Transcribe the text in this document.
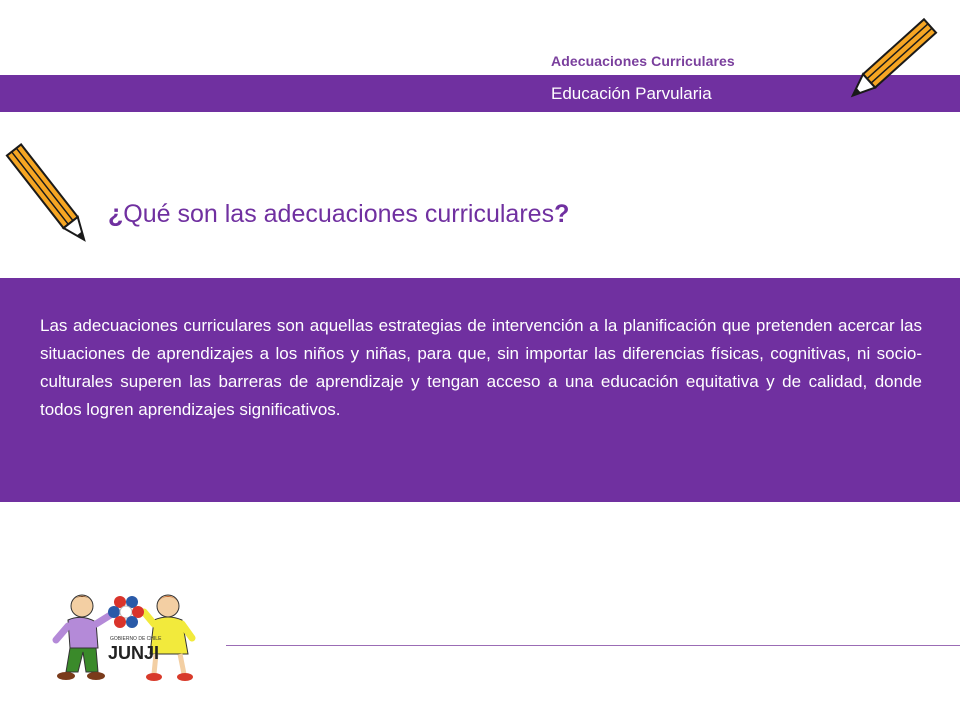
Adecuaciones Curriculares
Educación Parvularia
¿Qué son las adecuaciones curriculares?

Las adecuaciones curriculares son aquellas estrategias de intervención a la planificación que pretenden acercar las situaciones de aprendizajes a los niños y niñas, para que, sin importar las diferencias físicas, cognitivas, ni socio-culturales superen las barreras de aprendizaje y tengan acceso a una educación equitativa y de calidad, donde todos logren aprendizajes significativos.

GOBIERNO DE CHILE
JUNJI
